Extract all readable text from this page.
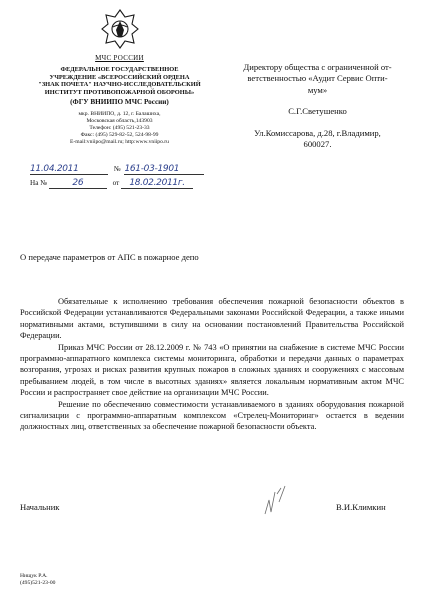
МЧС РОССИИ
ФЕДЕРАЛЬНОЕ ГОСУДАРСТВЕННОЕ
УЧРЕЖДЕНИЕ «ВСЕРОССИЙСКИЙ ОРДЕНА
"ЗНАК ПОЧЕТА" НАУЧНО-ИССЛЕДОВАТЕЛЬСКИЙ
ИНСТИТУТ ПРОТИВОПОЖАРНОЙ ОБОРОНЫ»
(ФГУ ВНИИПО МЧС России)
мкр. ВНИИПО, д. 12, г. Балашиха,
Московская область,143903
Телефон: (495) 521-23-33
Факс: (495) 529-82-52, 524-98-99
E-mail:vniipo@mail.ru; http:www.vniipo.ru
11.04.2011	№ 161-03-1901
На №	26	от 18.02.2011г.

Директору общества с ограниченной от-

ветственностью «Аудит Сервис Опти-

мум»

С.Г.Светушенко

Ул.Комиссарова, д.28, г.Владимир,

600027.

О передаче параметров от АПС в пожарное депо

Обязательные к исполнению требования обеспечения пожарной безопасности объектов в Российской Федерации устанавливаются Федеральными законами Российской Федерации, а также иными нормативными актами, вступившими в силу на основании постановлений Правительства Российской Федерации.

Приказ МЧС России от 28.12.2009 г. № 743 «О принятии на снабжение в системе МЧС России программно-аппаратного комплекса системы мониторинга, обработки и передачи данных о параметрах возгорания, угрозах и рисках развития крупных пожаров в сложных зданиях и сооружениях с массовым пребыванием людей, в том числе в высотных зданиях» является локальным нормативным актом МЧС России и распространяет свое действие на организации МЧС России.

Решение по обеспечению совместимости устанавливаемого в зданиях оборудования пожарной сигнализации с программно-аппаратным комплексом «Стрелец-Мониторинг» остается в ведении должностных лиц, ответственных за обеспечение пожарной безопасности объекта.

Начальник	В.И.Климкин
Нищук Р.А.
(495)521-23-00
